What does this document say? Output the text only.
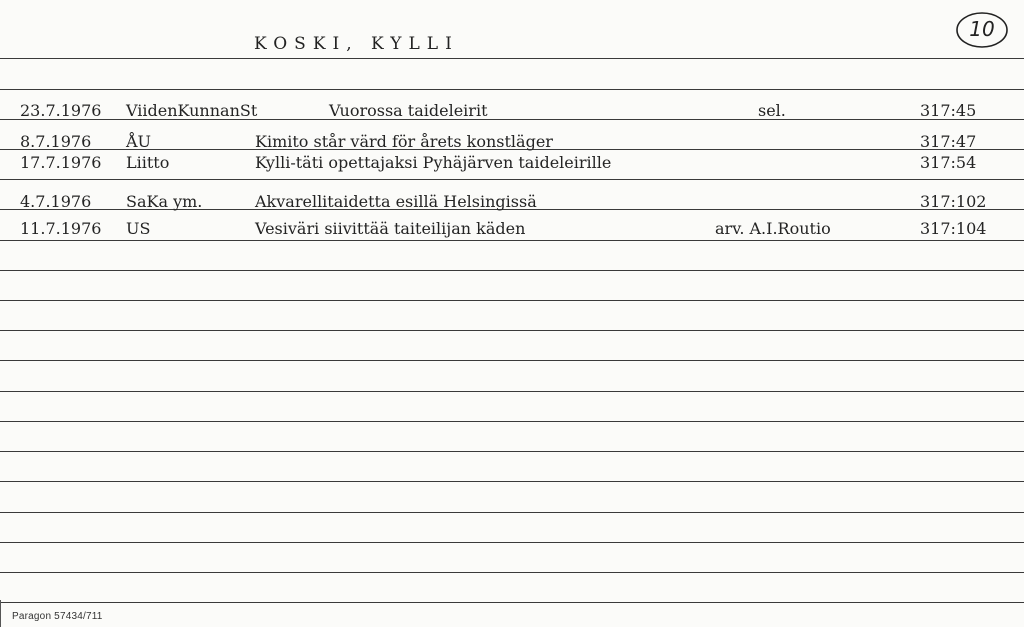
KOSKI, KYLLI
10
23.7.1976 ViidenKunnanSt	Vuorossa taideleirit	sel.	317:45
8.7.1976 ÅU	Kimito står värd för årets konstläger	317:47
17.7.1976 Liitto	Kylli-täti opettajaksi Pyhäjärven taideleirille	317:54
4.7.1976 SaKa ym.	Akvarellitaidetta esillä Helsingissä	317:102
11.7.1976 US	Vesiväri siivittää taiteilijan käden	arv. A.I.Routio	317:104
Paragon 57434/711
